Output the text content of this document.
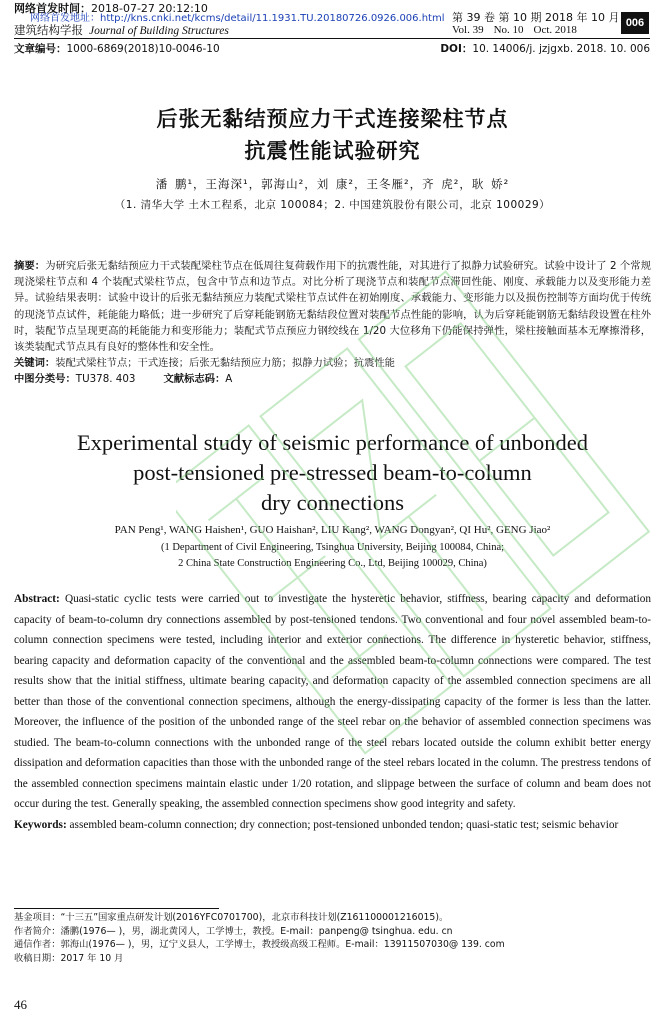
网络首发时间：2018-07-27 20:12:10
网络首发地址：http://kns.cnki.net/kcms/detail/11.1931.TU.20180726.0926.006.html
建筑结构学报 Journal of Building Structures
第 39 卷 第 10 期 2018 年 10 月
Vol. 39 No. 10 Oct. 2018
006
文章编号：1000-6869(2018)10-0046-10	DOI：10. 14006/j. jzjgxb. 2018. 10. 006
后张无黏结预应力干式连接梁柱节点
抗震性能试验研究
潘 鹏¹，王海深¹，郭海山²，刘 康²，王冬雁²，齐 虎²，耿 娇²
（1. 清华大学 土木工程系，北京 100084；2. 中国建筑股份有限公司，北京 100029）

摘要：为研究后张无黏结预应力干式装配梁柱节点在低周往复荷载作用下的抗震性能，对其进行了拟静力试验研究。试验中设计了 2 个常规现浇梁柱节点和 4 个装配式梁柱节点，包含中节点和边节点。对比分析了现浇节点和装配节点滞回性能、刚度、承载能力以及变形能力差异。试验结果表明：试验中设计的后张无黏结预应力装配式梁柱节点试件在初始刚度、承载能力、变形能力以及损伤控制等方面均优于传统的现浇节点试件，耗能能力略低；进一步研究了后穿耗能钢筋无黏结段位置对装配节点性能的影响，认为后穿耗能钢筋无黏结段设置在柱外时，装配节点呈现更高的耗能能力和变形能力；装配式节点预应力钢绞线在 1/20 大位移角下仍能保持弹性，梁柱接触面基本无摩擦滑移，该类装配式节点具有良好的整体性和安全性。

关键词：装配式梁柱节点；干式连接；后张无黏结预应力筋；拟静力试验；抗震性能

中图分类号：TU378. 403	文献标志码：A

Experimental study of seismic performance of unbonded
post-tensioned pre-stressed beam-to-column
dry connections
PAN Peng¹, WANG Haishen¹, GUO Haishan², LIU Kang², WANG Dongyan², QI Hu², GENG Jiao²
(1 Department of Civil Engineering, Tsinghua University, Beijing 100084, China;
2 China State Construction Engineering Co., Ltd, Beijing 100029, China)

Abstract: Quasi-static cyclic tests were carried out to investigate the hysteretic behavior, stiffness, bearing capacity and deformation capacity of beam-to-column dry connections assembled by post-tensioned tendons. Two conventional and four novel assembled beam-to-column connection specimens were tested, including interior and exterior connections. The difference in hysteretic behavior, stiffness, bearing capacity and deformation capacity of the conventional and the assembled beam-to-column connections were compared. The test results show that the initial stiffness, ultimate bearing capacity, and deformation capacity of the assembled connection specimens are all better than those of the conventional connection specimens, although the energy-dissipating capacity of the former is less than the latter. Moreover, the influence of the position of the unbonded range of the steel rebar on the behavior of assembled connection specimens was studied. The beam-to-column connections with the unbonded range of the steel rebars located outside the column exhibit better energy dissipation and deformation capacities than those with the unbonded range of the steel rebars located in the column. The prestress tendons of the assembled connection specimens maintain elastic under 1/20 rotation, and slippage between the surface of column and beam does not occur during the test. Generally speaking, the assembled connection specimens show good integrity and safety.

Keywords: assembled beam-column connection; dry connection; post-tensioned unbonded tendon; quasi-static test; seismic behavior

基金项目：“十三五”国家重点研发计划(2016YFC0701700)，北京市科技计划(Z161100001216015)。
作者简介：潘鹏(1976— )，男，湖北黄冈人，工学博士，教授。E-mail：panpeng@ tsinghua. edu. cn
通信作者：郭海山(1976— )，男，辽宁义县人，工学博士，教授级高级工程师。E-mail：13911507030@ 139. com
收稿日期：2017 年 10 月
46
